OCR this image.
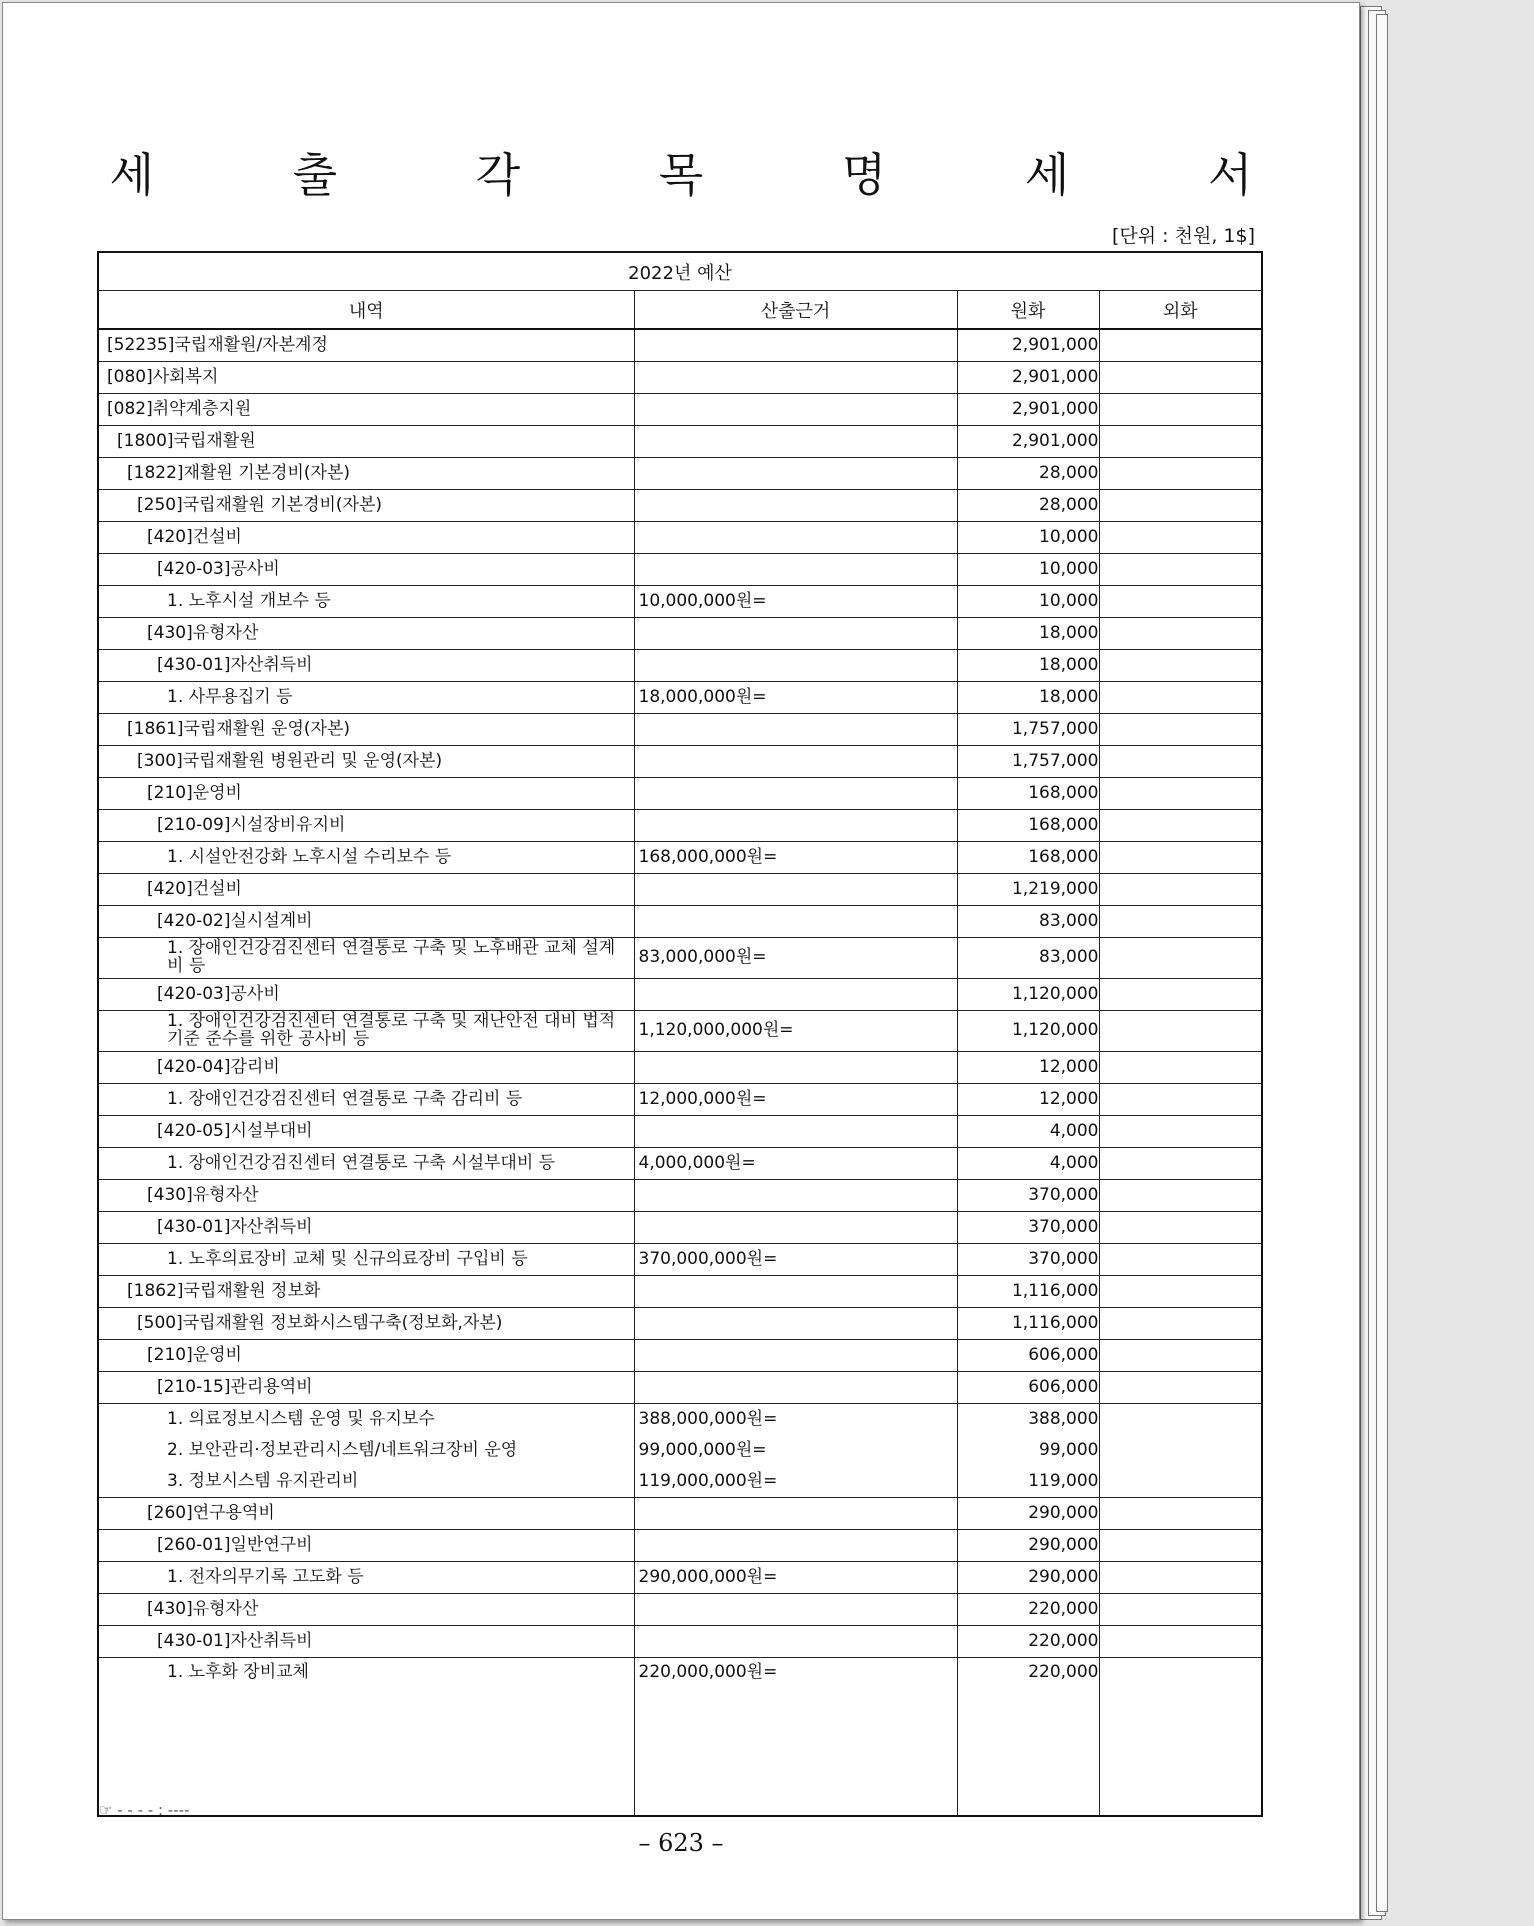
세 출 각 목 명 세 서
[단위 : 천원, 1$]
2022년 예산			
내역	산출근거	원화	외화
[52235]국립재활원/자본계정		2,901,000	
[080]사회복지		2,901,000	
[082]취약계층지원		2,901,000	
[1800]국립재활원		2,901,000	
[1822]재활원 기본경비(자본)		28,000	
[250]국립재활원 기본경비(자본)		28,000	
[420]건설비		10,000	
[420-03]공사비		10,000	
1. 노후시설 개보수 등	10,000,000원=	10,000	
[430]유형자산		18,000	
[430-01]자산취득비		18,000	
1. 사무용집기 등	18,000,000원=	18,000	
[1861]국립재활원 운영(자본)		1,757,000	
[300]국립재활원 병원관리 및 운영(자본)		1,757,000	
[210]운영비		168,000	
[210-09]시설장비유지비		168,000	
1. 시설안전강화 노후시설 수리보수 등	168,000,000원=	168,000	
[420]건설비		1,219,000	
[420-02]실시설계비		83,000	
1. 장애인건강검진센터 연결통로 구축 및 노후배관 교체 설계비 등	83,000,000원=	83,000	
[420-03]공사비		1,120,000	
1. 장애인건강검진센터 연결통로 구축 및 재난안전 대비 법적 기준 준수를 위한 공사비 등	1,120,000,000원=	1,120,000	
[420-04]감리비		12,000	
1. 장애인건강검진센터 연결통로 구축 감리비 등	12,000,000원=	12,000	
[420-05]시설부대비		4,000	
1. 장애인건강검진센터 연결통로 구축 시설부대비 등	4,000,000원=	4,000	
[430]유형자산		370,000	
[430-01]자산취득비		370,000	
1. 노후의료장비 교체 및 신규의료장비 구입비 등	370,000,000원=	370,000	
[1862]국립재활원 정보화		1,116,000	
[500]국립재활원 정보화시스템구축(정보화,자본)		1,116,000	
[210]운영비		606,000	
[210-15]관리용역비		606,000	
1. 의료정보시스템 운영 및 유지보수	388,000,000원=	388,000	
2. 보안관리·정보관리시스템/네트워크장비 운영	99,000,000원=	99,000	
3. 정보시스템 유지관리비	119,000,000원=	119,000	
[260]연구용역비		290,000	
[260-01]일반연구비		290,000	
1. 전자의무기록 고도화 등	290,000,000원=	290,000	
[430]유형자산		220,000	
[430-01]자산취득비		220,000	
1. 노후화 장비교체	220,000,000원=	220,000	

☞ - - - - : ----
– 623 –
